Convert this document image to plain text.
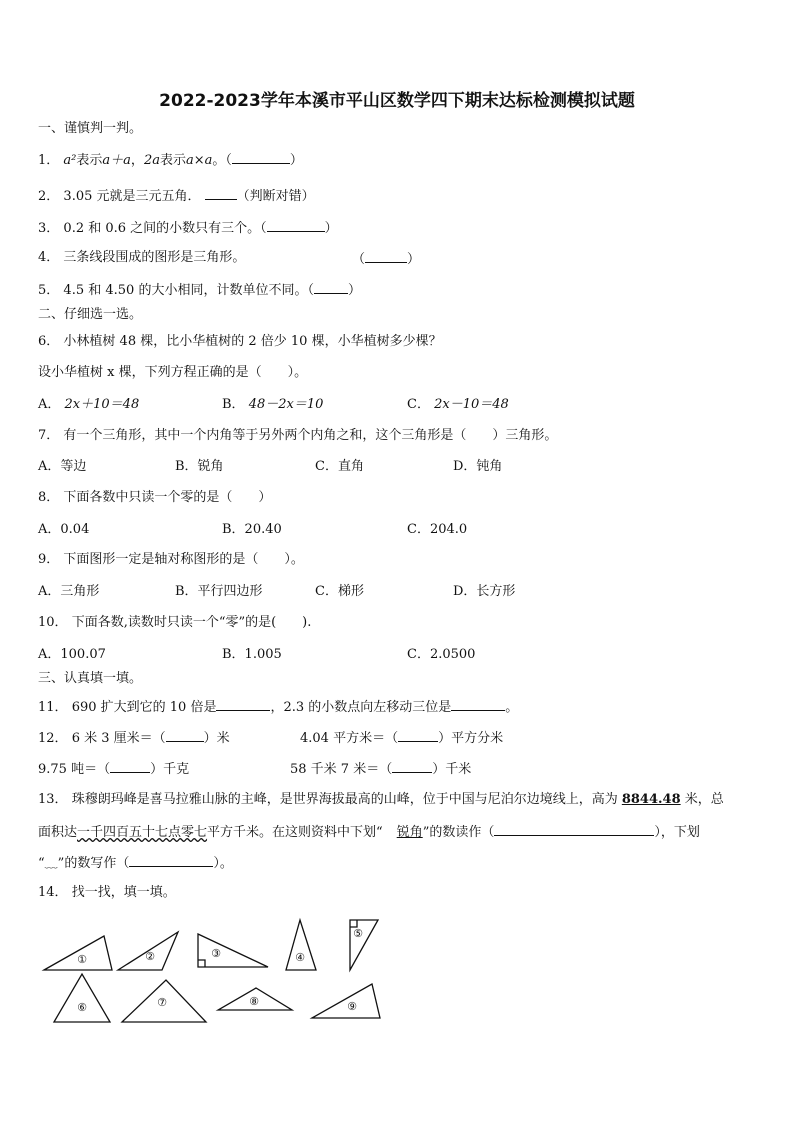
2022-2023学年本溪市平山区数学四下期末达标检测模拟试题
一、谨慎判一判。
1． a²表示a＋a，2a表示a×a。（	）
2． 3.05 元就是三元五角．	（判断对错）
3． 0.2 和 0.6 之间的小数只有三个。（	）
4． 三条线段围成的图形是三角形。	（	）
5． 4.5 和 4.50 的大小相同，计数单位不同。（	）
二、仔细选一选。
6． 小林植树 48 棵，比小华植树的 2 倍少 10 棵，小华植树多少棵？
设小华植树 x 棵，下列方程正确的是（　　）。
A． 2x＋10＝48	B． 48－2x＝10	C． 2x－10＝48
7． 有一个三角形，其中一个内角等于另外两个内角之和，这个三角形是（　　）三角形。
A．等边	B．锐角	C．直角	D．钝角
8． 下面各数中只读一个零的是（　　）
A．0.04	B．20.40	C．204.0
9． 下面图形一定是轴对称图形的是（　　）。
A．三角形	B．平行四边形	C．梯形	D．长方形
10． 下面各数,读数时只读一个“零”的是(　　).
A．100.07	B．1.005	C．2.0500
三、认真填一填。
11． 690 扩大到它的 10 倍是	，2.3 的小数点向左移动三位是	。
12． 6 米 3 厘米＝（	）米	4.04 平方米＝（	）平方分米
9.75 吨＝（	）千克	58 千米 7 米＝（	）千米
13． 珠穆朗玛峰是喜马拉雅山脉的主峰，是世界海拔最高的山峰，位于中国与尼泊尔边境线上，高为 8844.48 米，总
面积达一千四百五十七点零七平方千米。在这则资料中下划“ 锐角”的数读作（	），下划
“﹏”的数写作（	）。
14． 找一找，填一填。
①	②	③	④
⑤
⑥	⑦	⑧	⑨
